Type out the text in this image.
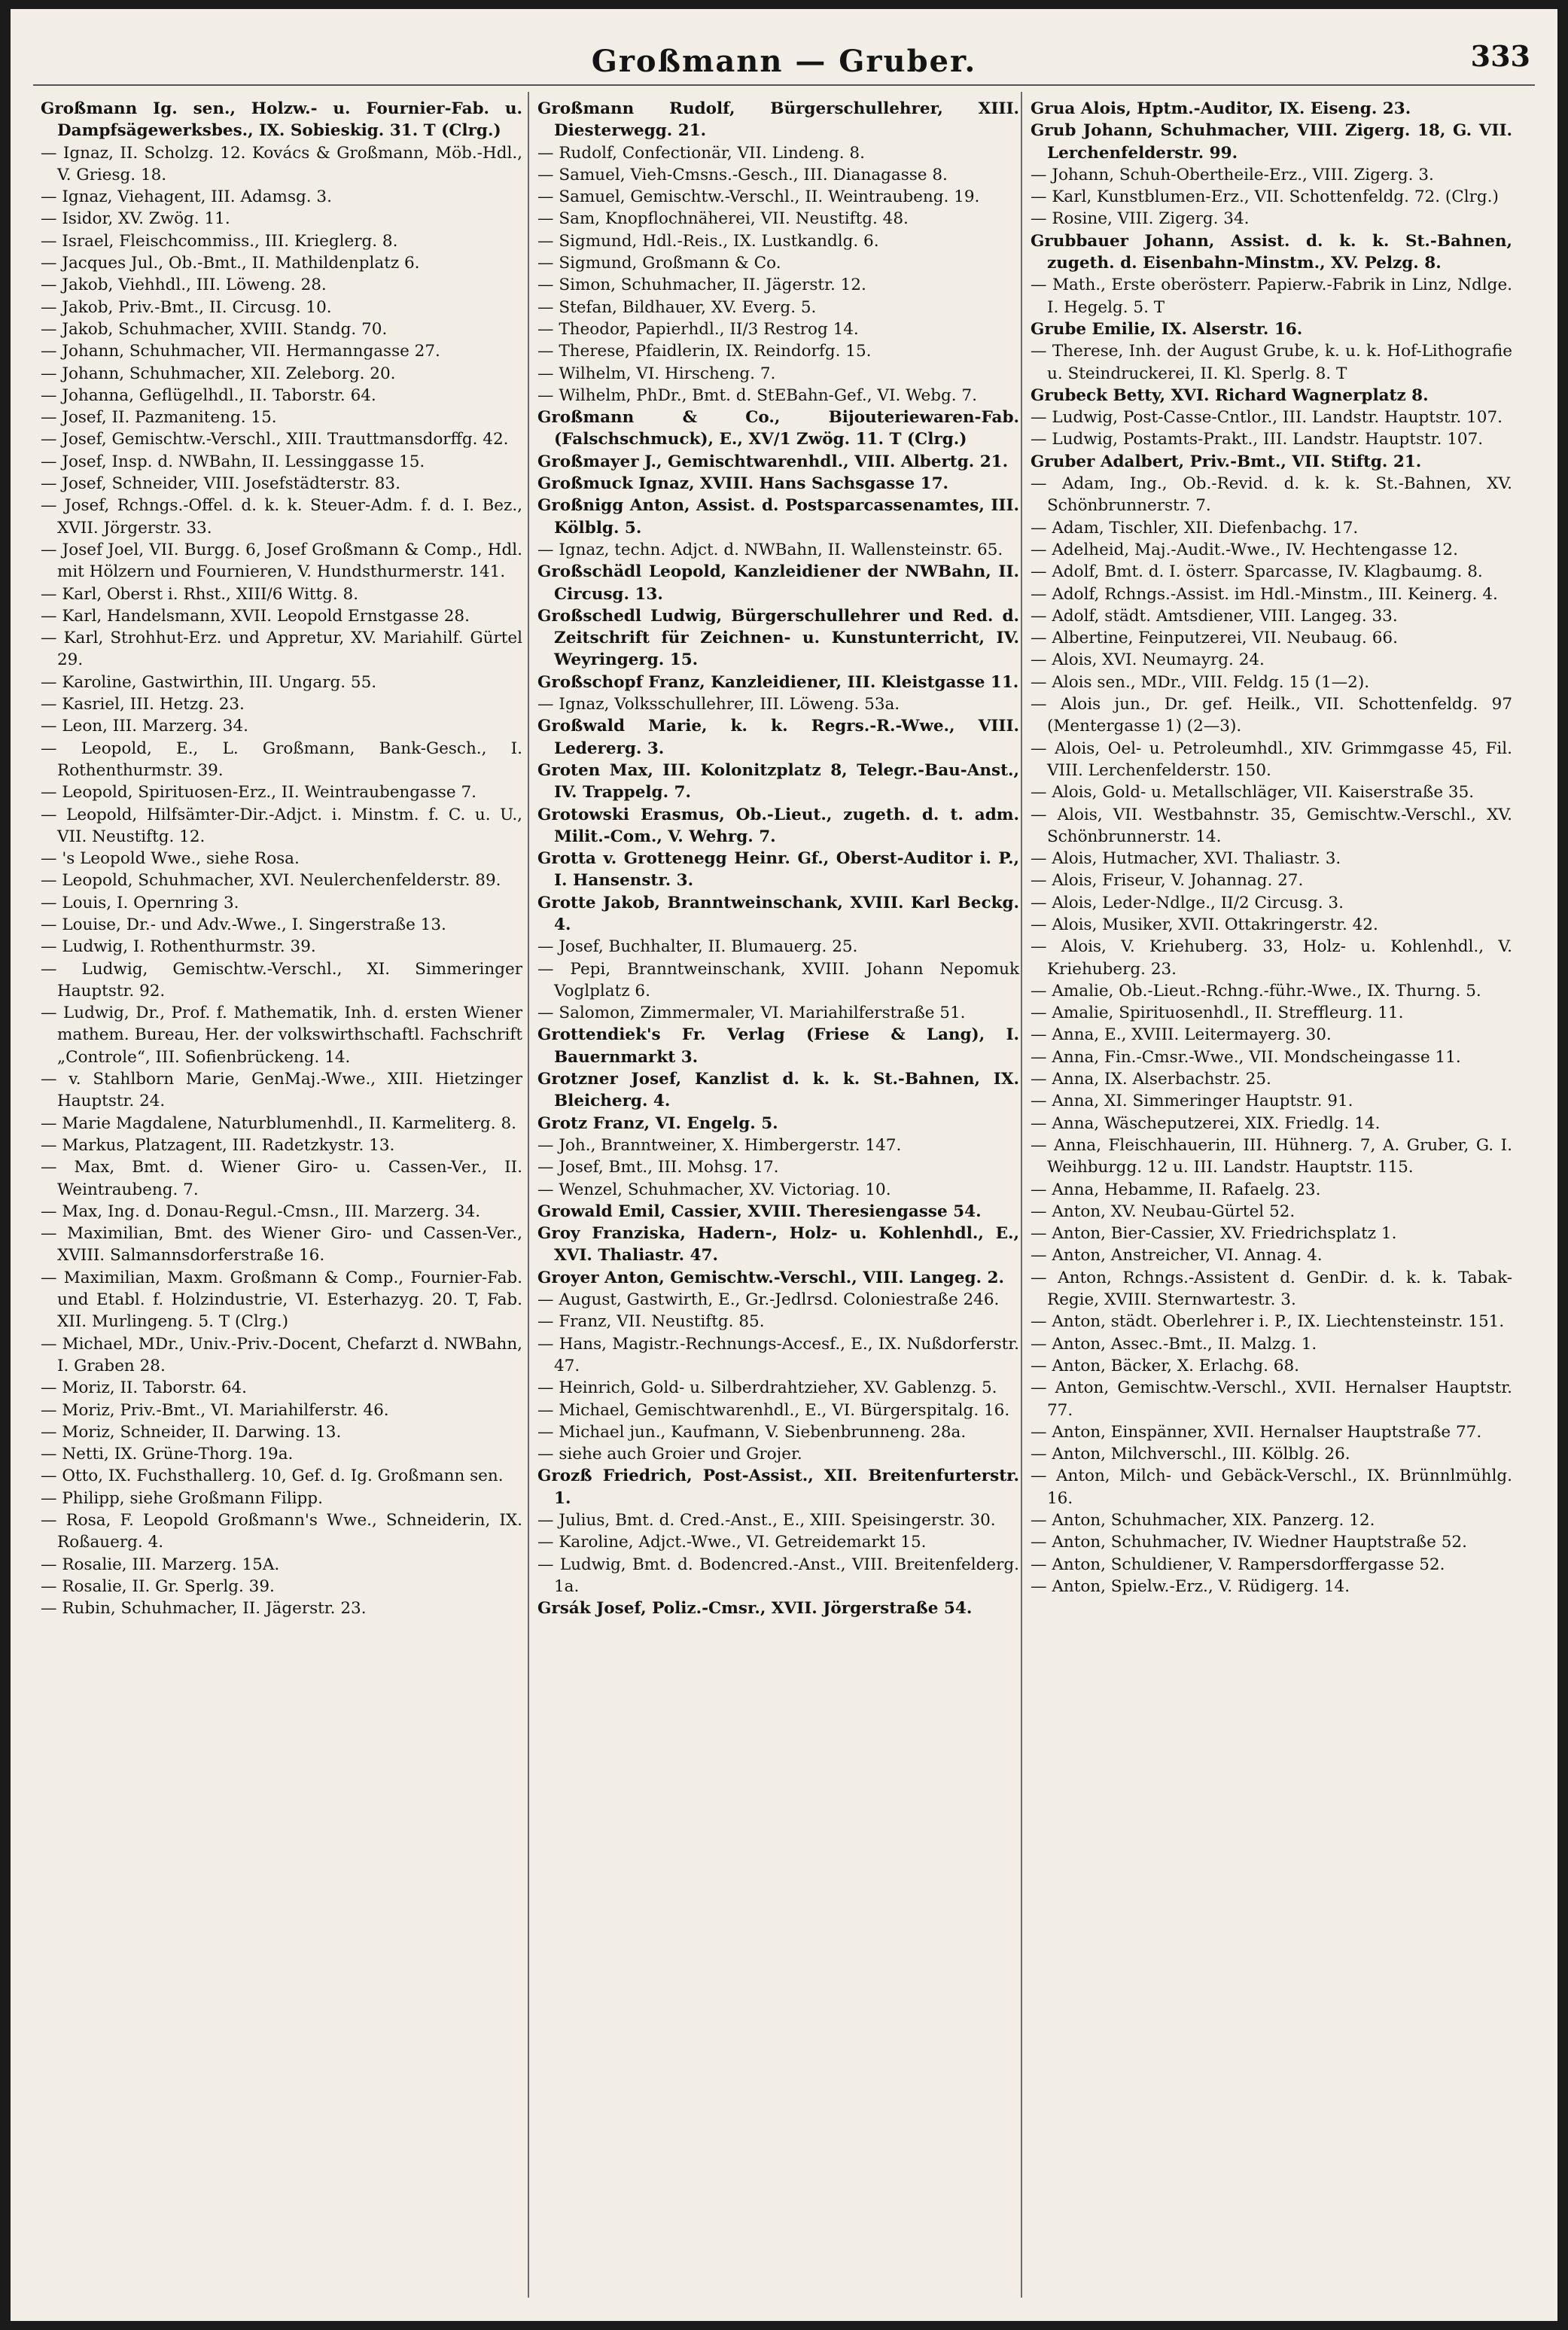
Großmann — Gruber.	333

Großmann Ig. sen., Holzw.- u. Fournier-Fab. u. Dampfsägewerksbes., IX. Sobieskig. 31. T (Clrg.)

— Ignaz, II. Scholzg. 12. Kovács & Großmann, Möb.-Hdl., V. Griesg. 18.

— Ignaz, Viehagent, III. Adamsg. 3.

— Isidor, XV. Zwög. 11.

— Israel, Fleischcommiss., III. Krieglerg. 8.

— Jacques Jul., Ob.-Bmt., II. Mathildenplatz 6.

— Jakob, Viehhdl., III. Löweng. 28.

— Jakob, Priv.-Bmt., II. Circusg. 10.

— Jakob, Schuhmacher, XVIII. Standg. 70.

— Johann, Schuhmacher, VII. Hermanngasse 27.

— Johann, Schuhmacher, XII. Zeleborg. 20.

— Johanna, Geflügelhdl., II. Taborstr. 64.

— Josef, II. Pazmaniteng. 15.

— Josef, Gemischtw.-Verschl., XIII. Trauttmansdorffg. 42.

— Josef, Insp. d. NWBahn, II. Lessinggasse 15.

— Josef, Schneider, VIII. Josefstädterstr. 83.

— Josef, Rchngs.-Offel. d. k. k. Steuer-Adm. f. d. I. Bez., XVII. Jörgerstr. 33.

— Josef Joel, VII. Burgg. 6, Josef Großmann & Comp., Hdl. mit Hölzern und Fournieren, V. Hundsthurmerstr. 141.

— Karl, Oberst i. Rhst., XIII/6 Wittg. 8.

— Karl, Handelsmann, XVII. Leopold Ernstgasse 28.

— Karl, Strohhut-Erz. und Appretur, XV. Mariahilf. Gürtel 29.

— Karoline, Gastwirthin, III. Ungarg. 55.

— Kasriel, III. Hetzg. 23.

— Leon, III. Marzerg. 34.

— Leopold, E., L. Großmann, Bank-Gesch., I. Rothenthurmstr. 39.

— Leopold, Spirituosen-Erz., II. Weintraubengasse 7.

— Leopold, Hilfsämter-Dir.-Adjct. i. Minstm. f. C. u. U., VII. Neustiftg. 12.

— 's Leopold Wwe., siehe Rosa.

— Leopold, Schuhmacher, XVI. Neulerchenfelderstr. 89.

— Louis, I. Opernring 3.

— Louise, Dr.- und Adv.-Wwe., I. Singerstraße 13.

— Ludwig, I. Rothenthurmstr. 39.

— Ludwig, Gemischtw.-Verschl., XI. Simmeringer Hauptstr. 92.

— Ludwig, Dr., Prof. f. Mathematik, Inh. d. ersten Wiener mathem. Bureau, Her. der volkswirthschaftl. Fachschrift „Controle“, III. Sofienbrückeng. 14.

— v. Stahlborn Marie, GenMaj.-Wwe., XIII. Hietzinger Hauptstr. 24.

— Marie Magdalene, Naturblumenhdl., II. Karmeliterg. 8.

— Markus, Platzagent, III. Radetzkystr. 13.

— Max, Bmt. d. Wiener Giro- u. Cassen-Ver., II. Weintraubeng. 7.

— Max, Ing. d. Donau-Regul.-Cmsn., III. Marzerg. 34.

— Maximilian, Bmt. des Wiener Giro- und Cassen-Ver., XVIII. Salmannsdorferstraße 16.

— Maximilian, Maxm. Großmann & Comp., Fournier-Fab. und Etabl. f. Holzindustrie, VI. Esterhazyg. 20. T, Fab. XII. Murlingeng. 5. T (Clrg.)

— Michael, MDr., Univ.-Priv.-Docent, Chefarzt d. NWBahn, I. Graben 28.

— Moriz, II. Taborstr. 64.

— Moriz, Priv.-Bmt., VI. Mariahilferstr. 46.

— Moriz, Schneider, II. Darwing. 13.

— Netti, IX. Grüne-Thorg. 19a.

— Otto, IX. Fuchsthallerg. 10, Gef. d. Ig. Großmann sen.

— Philipp, siehe Großmann Filipp.

— Rosa, F. Leopold Großmann's Wwe., Schneiderin, IX. Roßauerg. 4.

— Rosalie, III. Marzerg. 15A.

— Rosalie, II. Gr. Sperlg. 39.

— Rubin, Schuhmacher, II. Jägerstr. 23.

Großmann Rudolf, Bürgerschullehrer, XIII. Diesterwegg. 21.

— Rudolf, Confectionär, VII. Lindeng. 8.

— Samuel, Vieh-Cmsns.-Gesch., III. Dianagasse 8.

— Samuel, Gemischtw.-Verschl., II. Weintraubeng. 19.

— Sam, Knopflochnäherei, VII. Neustiftg. 48.

— Sigmund, Hdl.-Reis., IX. Lustkandlg. 6.

— Sigmund, Großmann & Co.

— Simon, Schuhmacher, II. Jägerstr. 12.

— Stefan, Bildhauer, XV. Everg. 5.

— Theodor, Papierhdl., II/3 Restrog 14.

— Therese, Pfaidlerin, IX. Reindorfg. 15.

— Wilhelm, VI. Hirscheng. 7.

— Wilhelm, PhDr., Bmt. d. StEBahn-Gef., VI. Webg. 7.

Großmann & Co., Bijouteriewaren-Fab. (Falschschmuck), E., XV/1 Zwög. 11. T (Clrg.)

Großmayer J., Gemischtwarenhdl., VIII. Albertg. 21.

Großmuck Ignaz, XVIII. Hans Sachsgasse 17.

Großnigg Anton, Assist. d. Postsparcassenamtes, III. Kölblg. 5.

— Ignaz, techn. Adjct. d. NWBahn, II. Wallensteinstr. 65.

Großschädl Leopold, Kanzleidiener der NWBahn, II. Circusg. 13.

Großschedl Ludwig, Bürgerschullehrer und Red. d. Zeitschrift für Zeichnen- u. Kunstunterricht, IV. Weyringerg. 15.

Großschopf Franz, Kanzleidiener, III. Kleistgasse 11.

— Ignaz, Volksschullehrer, III. Löweng. 53a.

Großwald Marie, k. k. Regrs.-R.-Wwe., VIII. Ledererg. 3.

Groten Max, III. Kolonitzplatz 8, Telegr.-Bau-Anst., IV. Trappelg. 7.

Grotowski Erasmus, Ob.-Lieut., zugeth. d. t. adm. Milit.-Com., V. Wehrg. 7.

Grotta v. Grottenegg Heinr. Gf., Oberst-Auditor i. P., I. Hansenstr. 3.

Grotte Jakob, Branntweinschank, XVIII. Karl Beckg. 4.

— Josef, Buchhalter, II. Blumauerg. 25.

— Pepi, Branntweinschank, XVIII. Johann Nepomuk Voglplatz 6.

— Salomon, Zimmermaler, VI. Mariahilferstraße 51.

Grottendiek's Fr. Verlag (Friese & Lang), I. Bauernmarkt 3.

Grotzner Josef, Kanzlist d. k. k. St.-Bahnen, IX. Bleicherg. 4.

Grotz Franz, VI. Engelg. 5.

— Joh., Branntweiner, X. Himbergerstr. 147.

— Josef, Bmt., III. Mohsg. 17.

— Wenzel, Schuhmacher, XV. Victoriag. 10.

Growald Emil, Cassier, XVIII. Theresiengasse 54.

Groy Franziska, Hadern-, Holz- u. Kohlenhdl., E., XVI. Thaliastr. 47.

Groyer Anton, Gemischtw.-Verschl., VIII. Langeg. 2.

— August, Gastwirth, E., Gr.-Jedlrsd. Coloniestraße 246.

— Franz, VII. Neustiftg. 85.

— Hans, Magistr.-Rechnungs-Accesf., E., IX. Nußdorferstr. 47.

— Heinrich, Gold- u. Silberdrahtzieher, XV. Gablenzg. 5.

— Michael, Gemischtwarenhdl., E., VI. Bürgerspitalg. 16.

— Michael jun., Kaufmann, V. Siebenbrunneng. 28a.

— siehe auch Groier und Grojer.

Grozß Friedrich, Post-Assist., XII. Breitenfurterstr. 1.

— Julius, Bmt. d. Cred.-Anst., E., XIII. Speisingerstr. 30.

— Karoline, Adjct.-Wwe., VI. Getreidemarkt 15.

— Ludwig, Bmt. d. Bodencred.-Anst., VIII. Breitenfelderg. 1a.

Grsák Josef, Poliz.-Cmsr., XVII. Jörgerstraße 54.

Grua Alois, Hptm.-Auditor, IX. Eiseng. 23.

Grub Johann, Schuhmacher, VIII. Zigerg. 18, G. VII. Lerchenfelderstr. 99.

— Johann, Schuh-Obertheile-Erz., VIII. Zigerg. 3.

— Karl, Kunstblumen-Erz., VII. Schottenfeldg. 72. (Clrg.)

— Rosine, VIII. Zigerg. 34.

Grubbauer Johann, Assist. d. k. k. St.-Bahnen, zugeth. d. Eisenbahn-Minstm., XV. Pelzg. 8.

— Math., Erste oberösterr. Papierw.-Fabrik in Linz, Ndlge. I. Hegelg. 5. T

Grube Emilie, IX. Alserstr. 16.

— Therese, Inh. der August Grube, k. u. k. Hof-Lithografie u. Steindruckerei, II. Kl. Sperlg. 8. T

Grubeck Betty, XVI. Richard Wagnerplatz 8.

— Ludwig, Post-Casse-Cntlor., III. Landstr. Hauptstr. 107.

— Ludwig, Postamts-Prakt., III. Landstr. Hauptstr. 107.

Gruber Adalbert, Priv.-Bmt., VII. Stiftg. 21.

— Adam, Ing., Ob.-Revid. d. k. k. St.-Bahnen, XV. Schönbrunnerstr. 7.

— Adam, Tischler, XII. Diefenbachg. 17.

— Adelheid, Maj.-Audit.-Wwe., IV. Hechtengasse 12.

— Adolf, Bmt. d. I. österr. Sparcasse, IV. Klagbaumg. 8.

— Adolf, Rchngs.-Assist. im Hdl.-Minstm., III. Keinerg. 4.

— Adolf, städt. Amtsdiener, VIII. Langeg. 33.

— Albertine, Feinputzerei, VII. Neubaug. 66.

— Alois, XVI. Neumayrg. 24.

— Alois sen., MDr., VIII. Feldg. 15 (1—2).

— Alois jun., Dr. gef. Heilk., VII. Schottenfeldg. 97 (Mentergasse 1) (2—3).

— Alois, Oel- u. Petroleumhdl., XIV. Grimmgasse 45, Fil. VIII. Lerchenfelderstr. 150.

— Alois, Gold- u. Metallschläger, VII. Kaiserstraße 35.

— Alois, VII. Westbahnstr. 35, Gemischtw.-Verschl., XV. Schönbrunnerstr. 14.

— Alois, Hutmacher, XVI. Thaliastr. 3.

— Alois, Friseur, V. Johannag. 27.

— Alois, Leder-Ndlge., II/2 Circusg. 3.

— Alois, Musiker, XVII. Ottakringerstr. 42.

— Alois, V. Kriehuberg. 33, Holz- u. Kohlenhdl., V. Kriehuberg. 23.

— Amalie, Ob.-Lieut.-Rchng.-führ.-Wwe., IX. Thurng. 5.

— Amalie, Spirituosenhdl., II. Streffleurg. 11.

— Anna, E., XVIII. Leitermayerg. 30.

— Anna, Fin.-Cmsr.-Wwe., VII. Mondscheingasse 11.

— Anna, IX. Alserbachstr. 25.

— Anna, XI. Simmeringer Hauptstr. 91.

— Anna, Wäscheputzerei, XIX. Friedlg. 14.

— Anna, Fleischhauerin, III. Hühnerg. 7, A. Gruber, G. I. Weihburgg. 12 u. III. Landstr. Hauptstr. 115.

— Anna, Hebamme, II. Rafaelg. 23.

— Anton, XV. Neubau-Gürtel 52.

— Anton, Bier-Cassier, XV. Friedrichsplatz 1.

— Anton, Anstreicher, VI. Annag. 4.

— Anton, Rchngs.-Assistent d. GenDir. d. k. k. Tabak-Regie, XVIII. Sternwartestr. 3.

— Anton, städt. Oberlehrer i. P., IX. Liechtensteinstr. 151.

— Anton, Assec.-Bmt., II. Malzg. 1.

— Anton, Bäcker, X. Erlachg. 68.

— Anton, Gemischtw.-Verschl., XVII. Hernalser Hauptstr. 77.

— Anton, Einspänner, XVII. Hernalser Hauptstraße 77.

— Anton, Milchverschl., III. Kölblg. 26.

— Anton, Milch- und Gebäck-Verschl., IX. Brünnlmühlg. 16.

— Anton, Schuhmacher, XIX. Panzerg. 12.

— Anton, Schuhmacher, IV. Wiedner Hauptstraße 52.

— Anton, Schuldiener, V. Rampersdorffergasse 52.

— Anton, Spielw.-Erz., V. Rüdigerg. 14.
